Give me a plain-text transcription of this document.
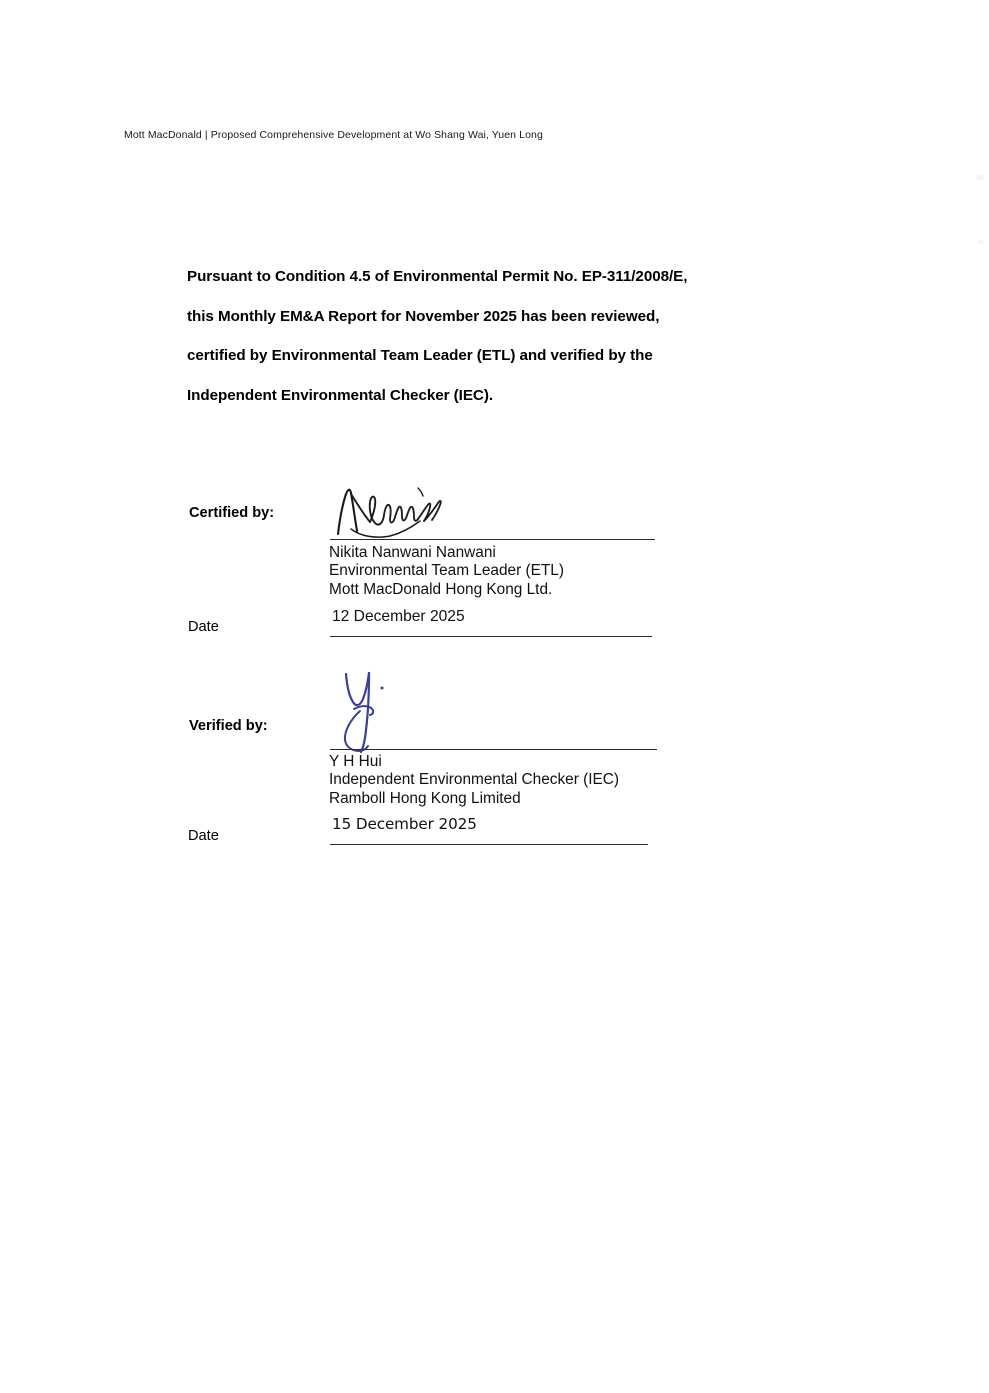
Mott MacDonald | Proposed Comprehensive Development at Wo Shang Wai, Yuen Long
Pursuant to Condition 4.5 of Environmental Permit No. EP-311/2008/E,
this Monthly EM&A Report for November 2025 has been reviewed,
certified by Environmental Team Leader (ETL) and verified by the
Independent Environmental Checker (IEC).
Certified by:
Nikita Nanwani Nanwani
Environmental Team Leader (ETL)
Mott MacDonald Hong Kong Ltd.
Date
12 December 2025
Verified by:
Y H Hui
Independent Environmental Checker (IEC)
Ramboll Hong Kong Limited
Date
15 December 2025
